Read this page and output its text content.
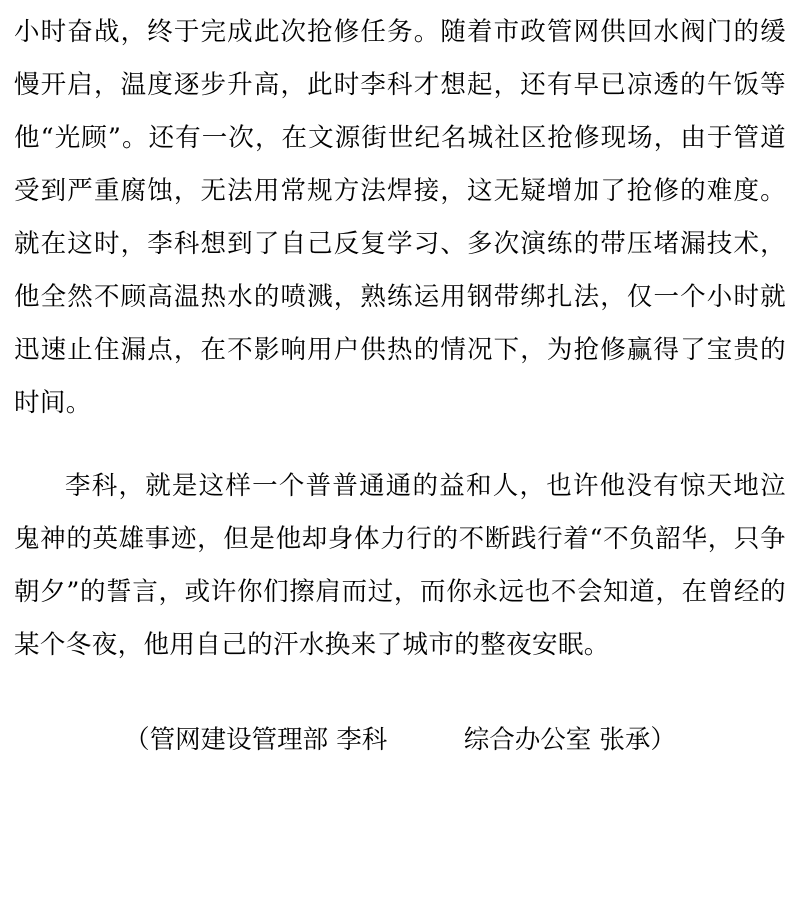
小时奋战，终于完成此次抢修任务。随着市政管网供回水阀门的缓慢开启，温度逐步升高，此时李科才想起，还有早已凉透的午饭等他“光顾”。还有一次，在文源街世纪名城社区抢修现场，由于管道受到严重腐蚀，无法用常规方法焊接，这无疑增加了抢修的难度。就在这时，李科想到了自己反复学习、多次演练的带压堵漏技术，他全然不顾高温热水的喷溅，熟练运用钢带绑扎法，仅一个小时就迅速止住漏点，在不影响用户供热的情况下，为抢修赢得了宝贵的时间。

李科，就是这样一个普普通通的益和人，也许他没有惊天地泣鬼神的英雄事迹，但是他却身体力行的不断践行着“不负韶华，只争朝夕”的誓言，或许你们擦肩而过，而你永远也不会知道，在曾经的某个冬夜，他用自己的汗水换来了城市的整夜安眠。

（管网建设管理部 李科　　　综合办公室 张承）
